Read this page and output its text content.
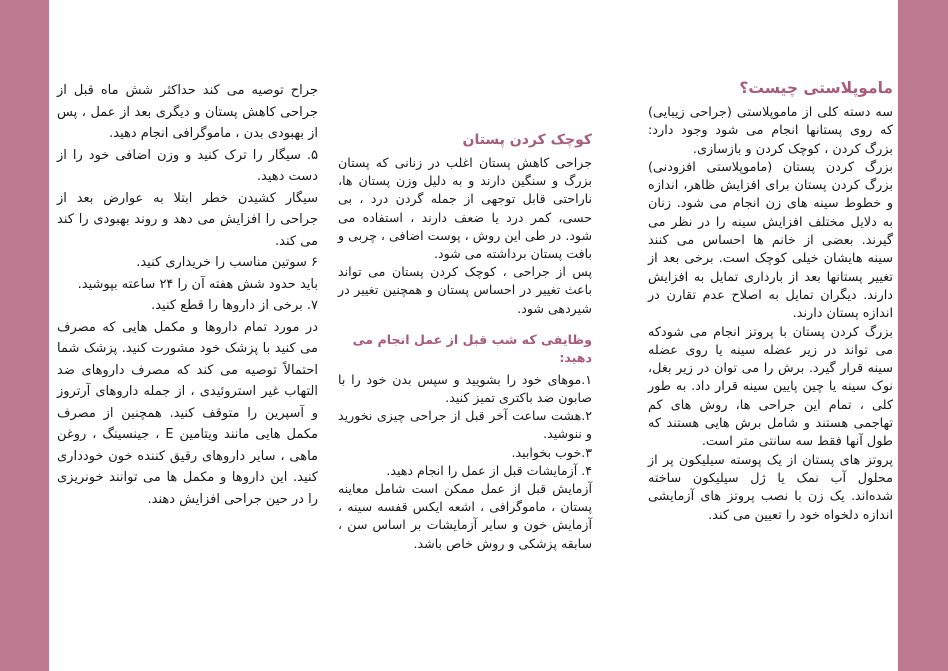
ماموپلاستی چیست؟

سه دسته کلی از ماموپلاستی (جراحی زیبایی) که روی پستانها انجام می شود وجود دارد: بزرگ کردن ، کوچک کردن و بازسازی.

بزرگ کردن پستان (ماموپلاستی افزودنی) بزرگ کردن پستان برای افزایش ظاهر، اندازه و خطوط سینه های زن انجام می شود. زنان به دلایل مختلف افزایش سینه را در نظر می گیرند. بعضی از خانم ها احساس می کنند سینه هایشان خیلی کوچک است. برخی بعد از تغییر پستانها بعد از بارداری تمایل به افزایش دارند. دیگران تمایل به اصلاح عدم تقارن در اندازه پستان دارند.

بزرگ کردن پستان با پروتز انجام می شودکه می تواند در زیر عضله سینه یا روی عضله سینه قرار گیرد. برش را می توان در زیر بغل، نوک سینه یا چین پایین سینه قرار داد. به طور کلی ، تمام این جراحی ها، روش های کم تهاجمی هستند و شامل برش هایی هستند که طول آنها فقط سه سانتی متر است.

پروتز های پستان از یک پوسته سیلیکون پر از محلول آب نمک یا ژل سیلیکون ساخته شده‌اند. یک زن با نصب پروتز های آزمایشی اندازه دلخواه خود را تعیین می کند.

کوچک کردن پستان

جراحی کاهش پستان اغلب در زنانی که پستان بزرگ و سنگین دارند و به دلیل وزن پستان ها، ناراحتی قابل توجهی از جمله گردن درد ، بی حسی، کمر درد یا ضعف دارند ، استفاده می شود. در طی این روش ، پوست اضافی ، چربی و بافت پستان برداشته می شود.

پس از جراحی ، کوچک کردن پستان می تواند باعث تغییر در احساس پستان و همچنین تغییر در شیردهی شود.

وظایفی که شب قبل از عمل انجام می دهید:

۱.موهای خود را بشویید و سپس بدن خود را با صابون ضد باکتری تمیز کنید.

۲.هشت ساعت آخر قبل از جراحی چیزی نخورید و ننوشید.

۳.خوب بخوابید.

۴. آزمایشات قبل از عمل را انجام دهید.

آزمایش قبل از عمل ممکن است شامل معاینه پستان ، ماموگرافی ، اشعه ایکس قفسه سینه ، آزمایش خون و سایر آزمایشات بر اساس سن ، سابقه پزشکی و روش خاص باشد.

جراح توصیه می کند حداکثر شش ماه قبل از جراحی کاهش پستان و دیگری بعد از عمل ، پس از بهبودی بدن ، ماموگرافی انجام دهید.

۵. سیگار را ترک کنید و وزن اضافی خود را از دست دهید.

سیگار کشیدن خطر ابتلا به عوارض بعد از جراحی را افزایش می دهد و روند بهبودی را کند می کند.

۶ سوتین مناسب را خریداری کنید.

باید حدود شش هفته آن را ۲۴ ساعته بپوشید.

۷. برخی از داروها را قطع کنید.

در مورد تمام داروها و مکمل هایی که مصرف می کنید با پزشک خود مشورت کنید. پزشک شما احتمالاً توصیه می کند که مصرف داروهای ضد التهاب غیر استروئیدی ، از جمله داروهای آرتروز و آسپرین را متوقف کنید. همچنین از مصرف مکمل هایی مانند ویتامین E ، جینسینگ ، روغن ماهی ، سایر داروهای رقیق کننده خون خودداری کنید. این داروها و مکمل ها می توانند خونریزی را در حین جراحی افزایش دهند.
